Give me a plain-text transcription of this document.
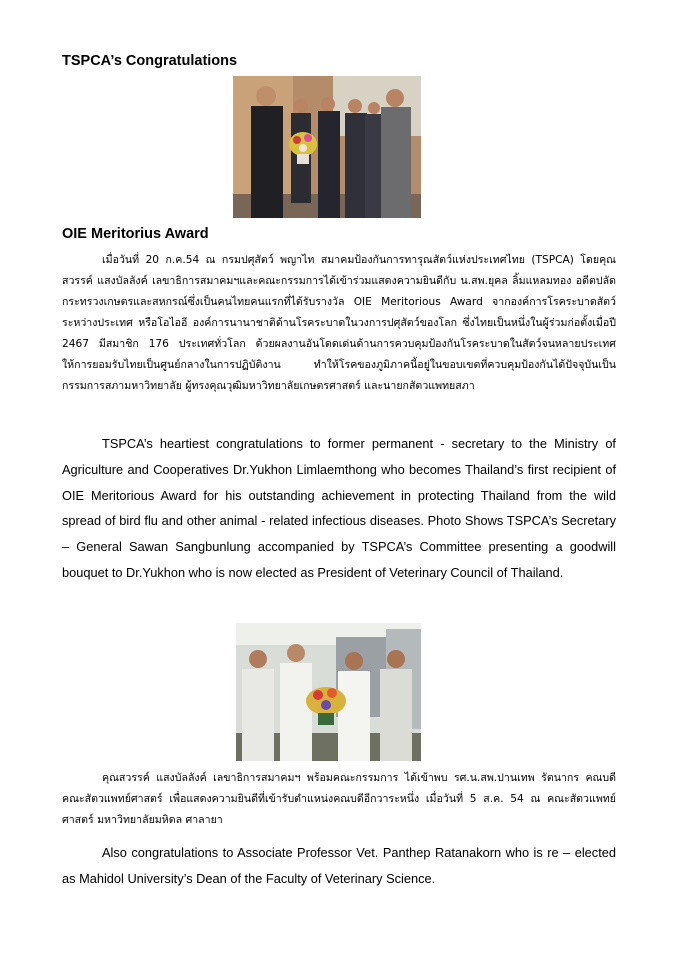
TSPCA’s Congratulations
OIE Meritorius Award

เมื่อวันที่ 20 ก.ค.54 ณ กรมปศุสัตว์ พญาไท สมาคมป้องกันการทารุณสัตว์แห่งประเทศไทย (TSPCA) โดยคุณสวรรค์ แสงบัลลังค์ เลขาธิการสมาคมฯและคณะกรรมการได้เข้าร่วมแสดงความยินดีกับ น.สพ.ยุคล ลิ้มแหลมทอง อดีตปลัดกระทรวงเกษตรและสหกรณ์ซึ่งเป็นคนไทยคนแรกที่ได้รับรางวัล OIE Meritorious Award จากองค์การโรคระบาดสัตว์ระหว่างประเทศ หรือโอไออี องค์การนานาชาติด้านโรคระบาดในวงการปศุสัตว์ของโลก ซึ่งไทยเป็นหนึ่งในผู้ร่วมก่อตั้งเมื่อปี 2467 มีสมาชิก 176 ประเทศทั่วโลก ด้วยผลงานอันโดดเด่นด้านการควบคุมป้องกันโรคระบาดในสัตว์จนหลายประเทศให้การยอมรับไทยเป็นศูนย์กลางในการปฏิบัติงาน ทำให้โรคของภูมิภาคนี้อยู่ในขอบเขตที่ควบคุมป้องกันได้ปัจจุบันเป็นกรรมการสภามหาวิทยาลัย ผู้ทรงคุณวุฒิมหาวิทยาลัยเกษตรศาสตร์ และนายกสัตวแพทยสภา

TSPCA’s heartiest congratulations to former permanent - secretary to the Ministry of Agriculture and Cooperatives Dr.Yukhon Limlaemthong who becomes Thailand’s first recipient of OIE Meritorious Award for his outstanding achievement in protecting Thailand from the wild spread of bird flu and other animal - related infectious diseases. Photo Shows TSPCA’s Secretary – General Sawan Sangbunlung accompanied by TSPCA’s Committee presenting a goodwill bouquet to Dr.Yukhon who is now elected as President of Veterinary Council of Thailand.

คุณสวรรค์ แสงบัลลังค์ เลขาธิการสมาคมฯ พร้อมคณะกรรมการ ได้เข้าพบ รศ.น.สพ.ปานเทพ รัตนากร คณบดีคณะสัตวแพทย์ศาสตร์ เพื่อแสดงความยินดีที่เข้ารับตำแหน่งคณบดีอีกวาระหนึ่ง เมื่อวันที่ 5 ส.ค. 54 ณ คณะสัตวแพทย์ศาสตร์ มหาวิทยาลัยมหิดล ศาลายา

Also congratulations to Associate Professor Vet. Panthep Ratanakorn who is re – elected as Mahidol University’s Dean of the Faculty of Veterinary Science.
